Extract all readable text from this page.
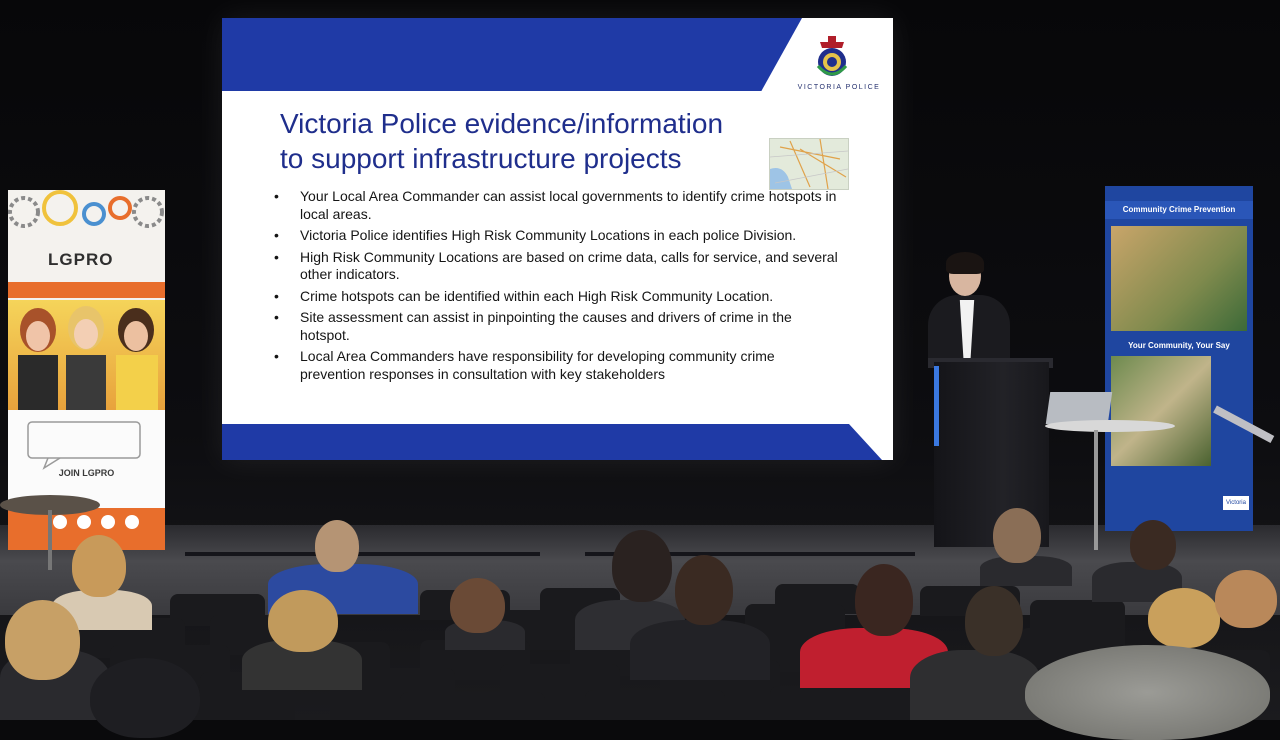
VICTORIA POLICE
Victoria Police evidence/information
to support infrastructure projects
• Your Local Area Commander can assist local governments to identify crime hotspots in local areas.
• Victoria Police identifies High Risk Community Locations in each police Division.
• High Risk Community Locations are based on crime data, calls for service, and several other indicators.
• Crime hotspots can be identified within each High Risk Community Location.
• Site assessment can assist in pinpointing the causes and drivers of crime in the hotspot.
• Local Area Commanders have responsibility for developing community crime prevention responses in consultation with key stakeholders
LGPRO
JOIN LGPRO
Community Crime Prevention
Your Community, Your Say
Victoria
